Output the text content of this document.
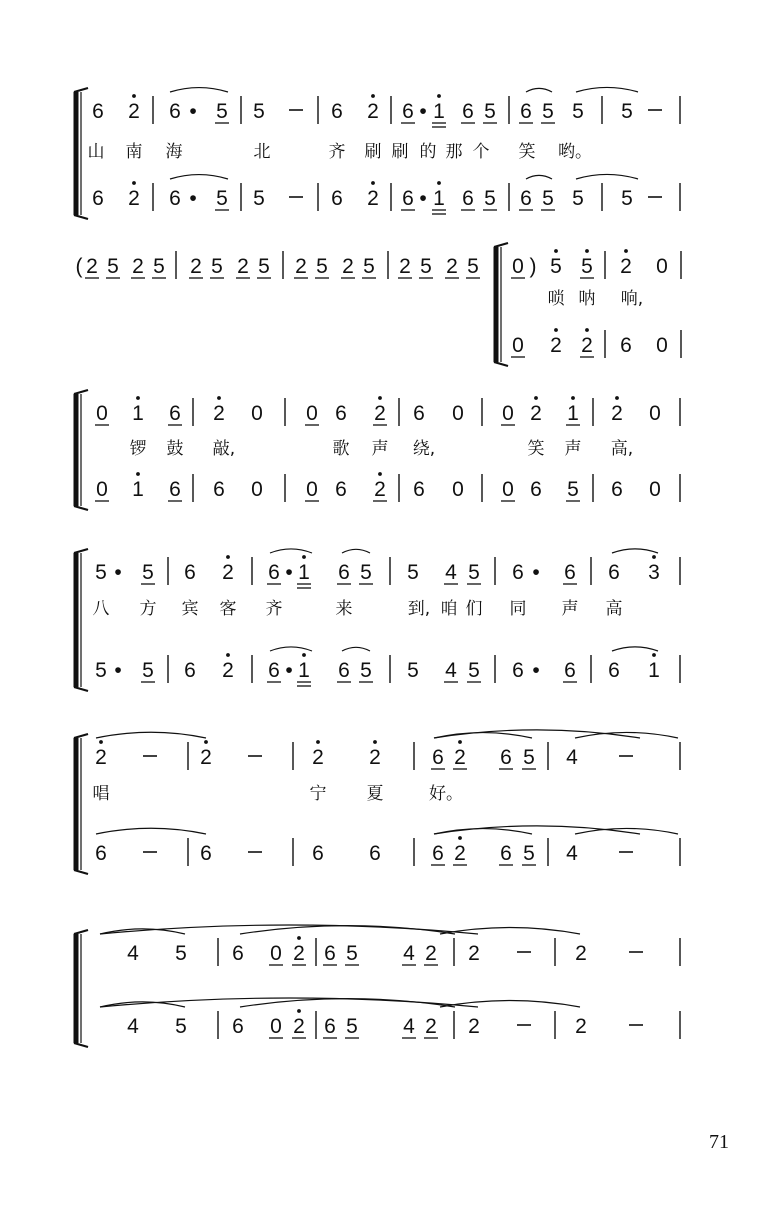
6 2 6 • 5 5	6 2 6 • 1 6 5 6 5 5 5
山 南 海	北	齐 刷 刷 的 那 个 笑 哟。
6 2 6 • 5 5	6 2 6 • 1 6 5 6 5 5 5
( 2 5 2 5 2 5 2 5 2 5 2 5 2 5 2 5 0 ) 5 5 2 0
唢 呐 响,
0 2 2 6 0
0 1 6 2 0 0 6 2 6 0 0 2 1 2 0
锣 鼓 敲,	歌 声 绕,	笑 声 高,
0 1 6 6 0 0 6 2 6 0 0 6 5 6 0
5 • 5 6 2 6 • 1 6 5 5 4 5 6 • 6 6 3
八 方 宾 客 齐	来	到, 咱 们 同 声 高
5 • 5 6 2 6 • 1 6 5 5 4 5 6 • 6 6 1
2	2	2 2 6 2 6 5 4
唱	宁 夏	好。
6	6	6 6 6 2 6 5 4
4 5 6 0 2 6 5 4 2 2	2
4 5 6 0 2 6 5 4 2 2	2
71
